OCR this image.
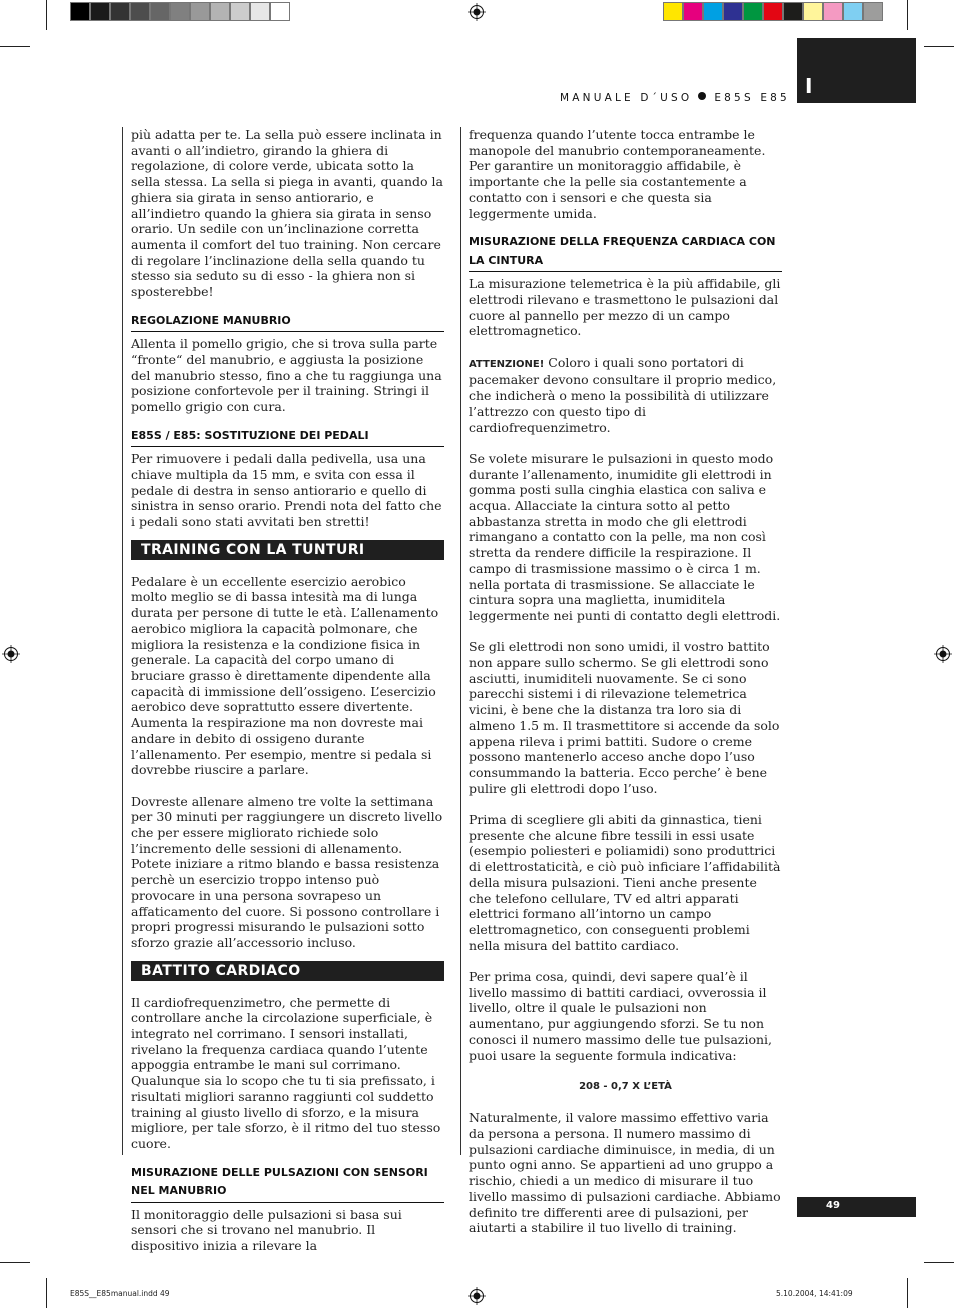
MANUALE D´USO E85S E85 I

più adatta per te. La sella può essere inclinata in avanti o all’indietro, girando la ghiera di regolazione, di colore verde, ubicata sotto la sella stessa. La sella si piega in avanti, quando la ghiera sia girata in senso antiorario, e all’indietro quando la ghiera sia girata in senso orario. Un sedile con un’inclinazione corretta aumenta il comfort del tuo training. Non cercare di regolare l’inclinazione della sella quando tu stesso sia seduto su di esso - la ghiera non si sposterebbe!

REGOLAZIONE MANUBRIO

Allenta il pomello grigio, che si trova sulla parte “fronte“ del manubrio, e aggiusta la posizione del manubrio stesso, fino a che tu raggiunga una posizione confortevole per il training. Stringi il pomello grigio con cura.

E85S / E85: SOSTITUZIONE DEI PEDALI

Per rimuovere i pedali dalla pedivella, usa una chiave multipla da 15 mm, e svita con essa il pedale di destra in senso antiorario e quello di sinistra in senso orario. Prendi nota del fatto che i pedali sono stati avvitati ben stretti!

TRAINING CON LA TUNTURI

Pedalare è un eccellente esercizio aerobico molto meglio se di bassa intesità ma di lunga durata per persone di tutte le età. L’allenamento aerobico migliora la capacità polmonare, che migliora la resistenza e la condizione fisica in generale. La capacità del corpo umano di bruciare grasso è direttamente dipendente alla capacità di immissione dell’ossigeno. L’esercizio aerobico deve soprattutto essere divertente. Aumenta la respirazione ma non dovreste mai andare in debito di ossigeno durante l’allenamento. Per esempio, mentre si pedala si dovrebbe riuscire a parlare.

Dovreste allenare almeno tre volte la settimana per 30 minuti per raggiungere un discreto livello che per essere migliorato richiede solo l’incremento delle sessioni di allenamento. Potete iniziare a ritmo blando e bassa resistenza perchè un esercizio troppo intenso può provocare in una persona sovrapeso un affaticamento del cuore. Si possono controllare i propri progressi misurando le pulsazioni sotto sforzo grazie all’accessorio incluso.

BATTITO CARDIACO

Il cardiofrequenzimetro, che permette di controllare anche la circolazione superficiale, è integrato nel corrimano. I sensori installati, rivelano la frequenza cardiaca quando l’utente appoggia entrambe le mani sul corrimano. Qualunque sia lo scopo che tu ti sia prefissato, i risultati migliori saranno raggiunti col suddetto training al giusto livello di sforzo, e la misura migliore, per tale sforzo, è il ritmo del tuo stesso cuore.

MISURAZIONE DELLE PULSAZIONI CON SENSORI NEL MANUBRIO

Il monitoraggio delle pulsazioni si basa sui sensori che si trovano nel manubrio. Il dispositivo inizia a rilevare la

frequenza quando l’utente tocca entrambe le manopole del manubrio contemporaneamente. Per garantire un monitoraggio affidabile, è importante che la pelle sia costantemente a contatto con i sensori e che questa sia leggermente umida.

MISURAZIONE DELLA FREQUENZA CARDIACA CON LA CINTURA

La misurazione telemetrica è la più affidabile, gli elettrodi rilevano e trasmettono le pulsazioni dal cuore al pannello per mezzo di un campo elettromagnetico.

ATTENZIONE! Coloro i quali sono portatori di pacemaker devono consultare il proprio medico, che indicherà o meno la possibilità di utilizzare l’attrezzo con questo tipo di cardiofrequenzimetro.

Se volete misurare le pulsazioni in questo modo durante l’allenamento, inumidite gli elettrodi in gomma posti sulla cinghia elastica con saliva e acqua. Allacciate la cintura sotto al petto abbastanza stretta in modo che gli elettrodi rimangano a contatto con la pelle, ma non così stretta da rendere difficile la respirazione. Il campo di trasmissione massimo o è circa 1 m. nella portata di trasmissione. Se allacciate le cintura sopra una maglietta, inumiditela leggermente nei punti di contatto degli elettrodi.

Se gli elettrodi non sono umidi, il vostro battito non appare sullo schermo. Se gli elettrodi sono asciutti, inumiditeli nuovamente. Se ci sono parecchi sistemi i di rilevazione telemetrica vicini, è bene che la distanza tra loro sia di almeno 1.5 m. Il trasmettitore si accende da solo appena rileva i primi battiti. Sudore o creme possono mantenerlo acceso anche dopo l’uso consummando la batteria. Ecco perche’ è bene pulire gli elettrodi dopo l’uso.

Prima di scegliere gli abiti da ginnastica, tieni presente che alcune fibre tessili in essi usate (esempio poliesteri e poliamidi) sono produttrici di elettrostaticità, e ciò può inficiare l’affidabilità della misura pulsazioni. Tieni anche presente che telefono cellulare, TV ed altri apparati elettrici formano all’intorno un campo elettromagnetico, con conseguenti problemi nella misura del battito cardiaco.

Per prima cosa, quindi, devi sapere qual’è il livello massimo di battiti cardiaci, ovverossia il livello, oltre il quale le pulsazioni non aumentano, pur aggiungendo sforzi. Se tu non conosci il numero massimo delle tue pulsazioni, puoi usare la seguente formula indicativa:

208 - 0,7 X L’ETÀ

Naturalmente, il valore massimo effettivo varia da persona a persona. Il numero massimo di pulsazioni cardiache diminuisce, in media, di un punto ogni anno. Se appartieni ad uno gruppo a rischio, chiedi a un medico di misurare il tuo livello massimo di pulsazioni cardiache. Abbiamo definito tre differenti aree di pulsazioni, per aiutarti a stabilire il tuo livello di training.

49
E85S__E85manual.indd 49	5.10.2004, 14:41:09
